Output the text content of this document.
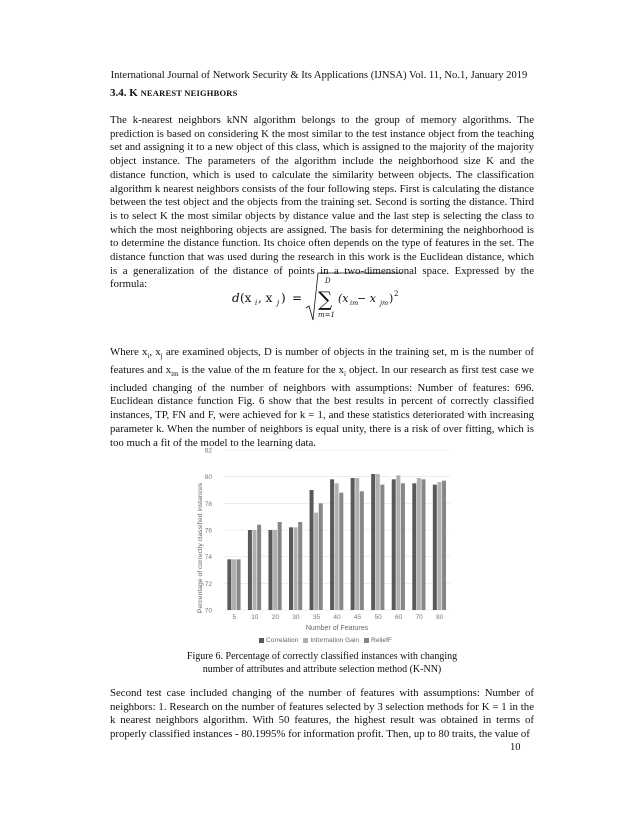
International Journal of Network Security & Its Applications (IJNSA) Vol. 11, No.1, January 2019
3.4. K NEAREST NEIGHBORS
The k-nearest neighbors kNN algorithm belongs to the group of memory algorithms. The prediction is based on considering K the most similar to the test instance object from the teaching set and assigning it to a new object of this class, which is assigned to the majority of the majority object instance. The parameters of the algorithm include the neighborhood size K and the distance function, which is used to calculate the similarity between objects. The classification algorithm k nearest neighbors consists of the four following steps. First is calculating the distance between the test object and the objects from the training set. Second is sorting the distance. Third is to select K the most similar objects by distance value and the last step is selecting the class to which the most neighboring objects are assigned. The basis for determining the neighborhood is to determine the distance function. Its choice often depends on the type of features in the set. The distance function that was used during the research in this work is the Euclidean distance, which is a generalization of the distance of points in a two-dimensional space. Expressed by the formula:
d (x i , x j ) =
D
∑
m=1
(x im
− x jm ) 2
Where $x_i$, $x_j$ are examined objects, D is number of objects in the training set, m is the number of features and $x_{im}$ is the value of the m feature for the $x_i$ object. In our research as first test case we included changing of the number of neighbors with assumptions: Number of features: 696. Euclidean distance function Fig. 6 show that the best results in percent of correctly classified instances, TP, FN and F, were achieved for k = 1, and these statistics deteriorated with increasing parameter k. When the number of neighbors is equal unity, there is a risk of over fitting, which is too much a fit of the model to the learning data.
70
72
74
76
78
80
82
5 10 20 30 35 40 45 50 60 70 80
Number of Features
Percentage of correctly classified instances
Correlation Information Gain ReliefF
Figure 6. Percentage of correctly classified instances with changing
number of attributes and attribute selection method (K-NN)
Second test case included changing of the number of features with assumptions: Number of neighbors: 1. Research on the number of features selected by 3 selection methods for K = 1 in the k nearest neighbors algorithm. With 50 features, the highest result was obtained in terms of properly classified instances - 80.1995% for information profit. Then, up to 80 traits, the value of
10
